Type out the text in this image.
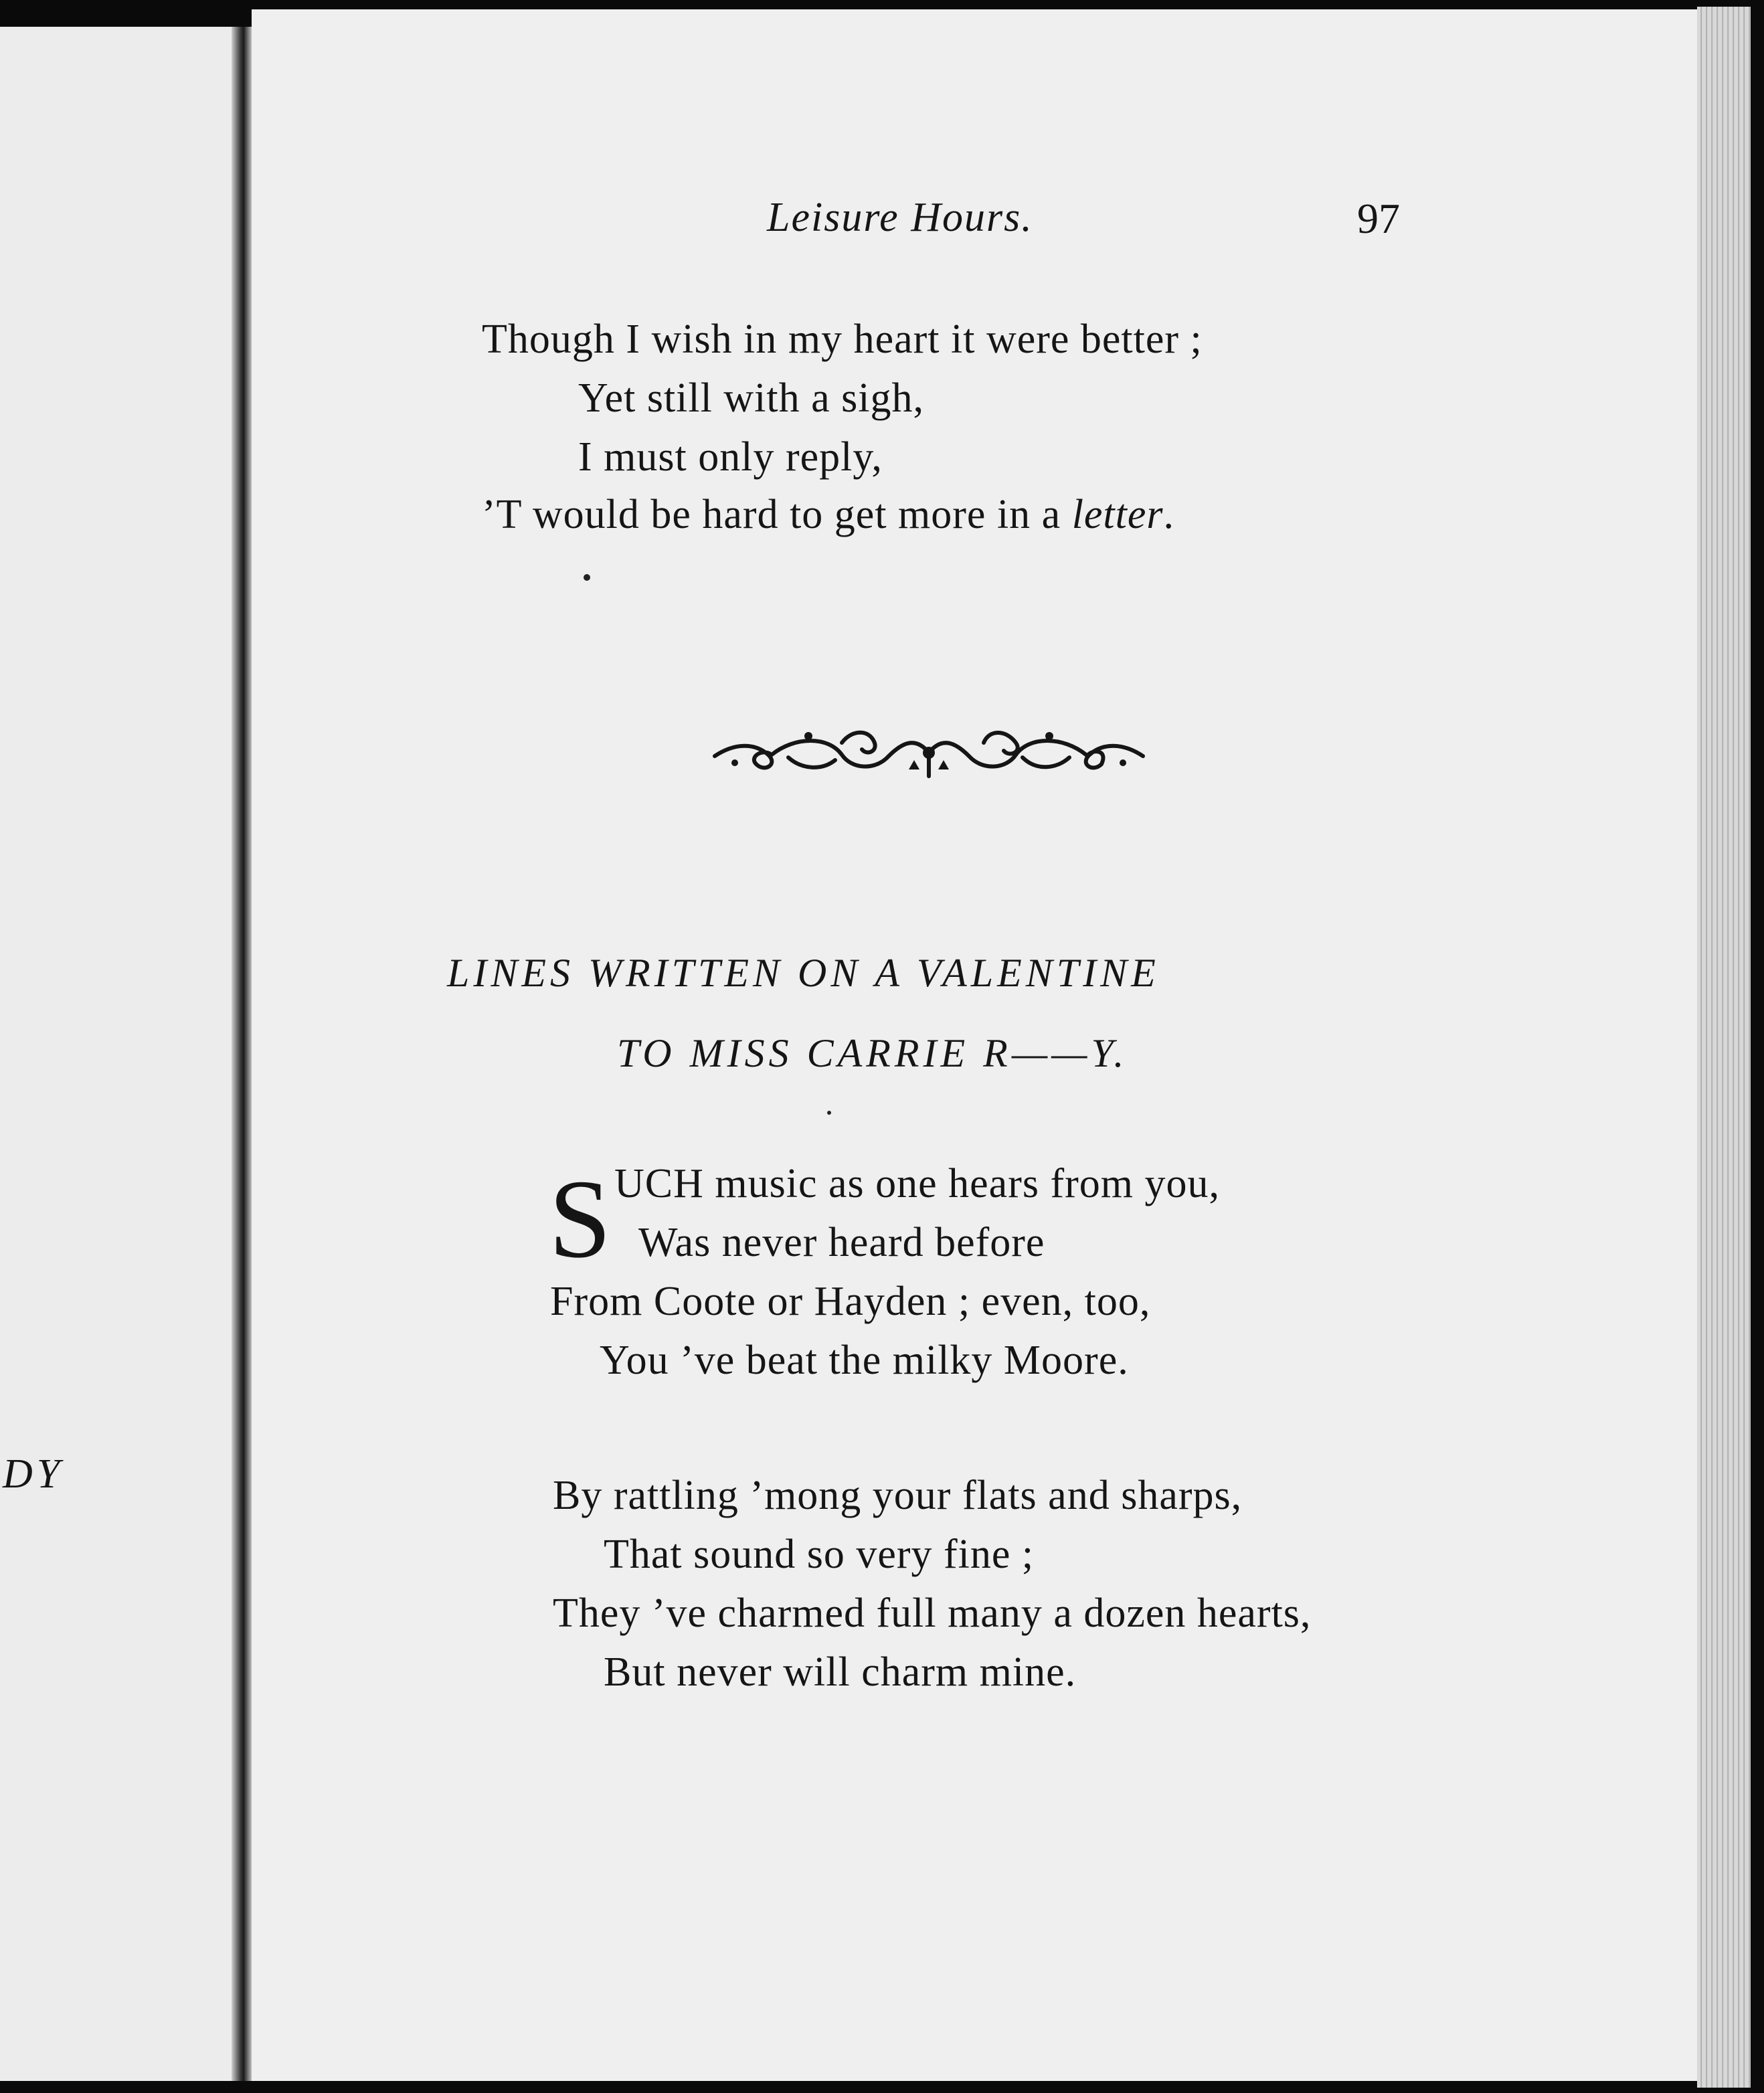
DY
Leisure Hours.	97
Though I wish in my heart it were better ;
Yet still with a sigh,
I must only reply,
’T would be hard to get more in a letter.
LINES WRITTEN ON A VALENTINE
TO MISS CARRIE R——Y.
S UCH music as one hears from you,
Was never heard before
From Coote or Hayden ; even, too,
You ’ve beat the milky Moore.
By rattling ’mong your flats and sharps,
That sound so very fine ;
They ’ve charmed full many a dozen hearts,
But never will charm mine.
